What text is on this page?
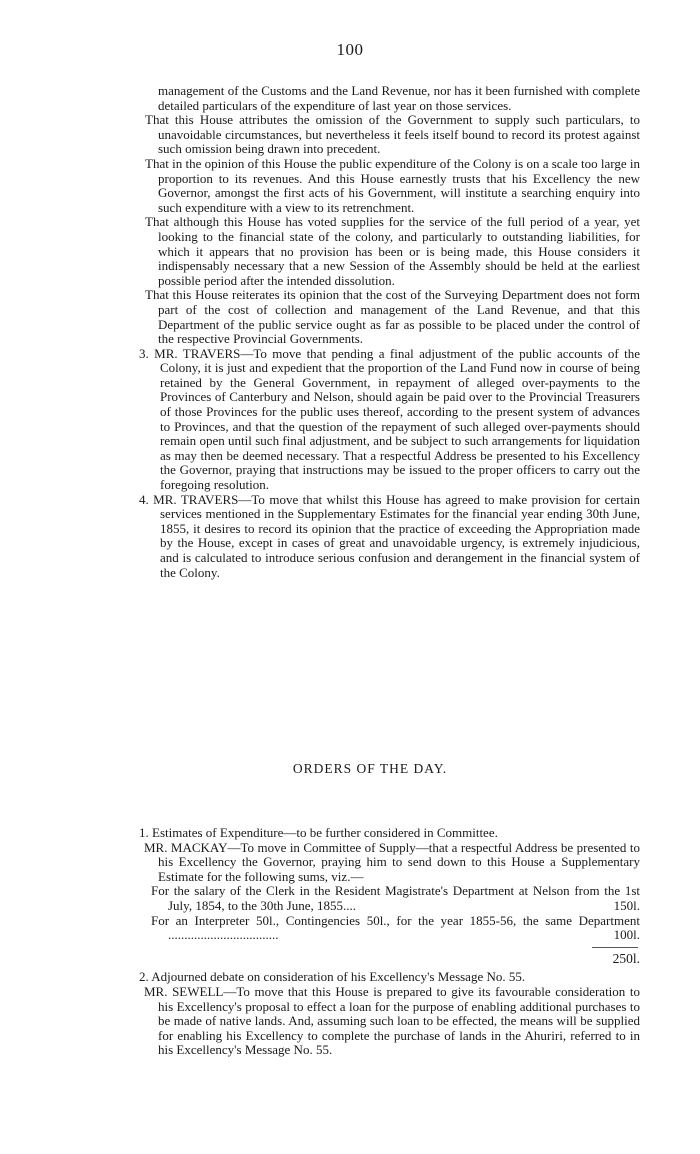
100

management of the Customs and the Land Revenue, nor has it been furnished with complete detailed particulars of the expenditure of last year on those services.

That this House attributes the omission of the Government to supply such particulars, to unavoidable circumstances, but nevertheless it feels itself bound to record its protest against such omission being drawn into precedent.

That in the opinion of this House the public expenditure of the Colony is on a scale too large in proportion to its revenues. And this House earnestly trusts that his Excellency the new Governor, amongst the first acts of his Government, will institute a searching enquiry into such expenditure with a view to its retrenchment.

That although this House has voted supplies for the service of the full period of a year, yet looking to the financial state of the colony, and particularly to outstanding liabilities, for which it appears that no provision has been or is being made, this House considers it indispensably necessary that a new Session of the Assembly should be held at the earliest possible period after the intended dissolution.

That this House reiterates its opinion that the cost of the Surveying Department does not form part of the cost of collection and management of the Land Revenue, and that this Department of the public service ought as far as possible to be placed under the control of the respective Provincial Governments.

3. MR. TRAVERS—To move that pending a final adjustment of the public accounts of the Colony, it is just and expedient that the proportion of the Land Fund now in course of being retained by the General Government, in repayment of alleged over-payments to the Provinces of Canterbury and Nelson, should again be paid over to the Provincial Treasurers of those Provinces for the public uses thereof, according to the present system of advances to Provinces, and that the question of the repayment of such alleged over-payments should remain open until such final adjustment, and be subject to such arrangements for liquidation as may then be deemed necessary. That a respectful Address be presented to his Excellency the Governor, praying that instructions may be issued to the proper officers to carry out the foregoing resolution.

4. MR. TRAVERS—To move that whilst this House has agreed to make provision for certain services mentioned in the Supplementary Estimates for the financial year ending 30th June, 1855, it desires to record its opinion that the practice of exceeding the Appropriation made by the House, except in cases of great and unavoidable urgency, is extremely injudicious, and is calculated to introduce serious confusion and derangement in the financial system of the Colony.

ORDERS OF THE DAY.

1. Estimates of Expenditure—to be further considered in Committee.

MR. MACKAY—To move in Committee of Supply—that a respectful Address be presented to his Excellency the Governor, praying him to send down to this House a Supplementary Estimate for the following sums, viz.—

For the salary of the Clerk in the Resident Magistrate's Department at Nelson from the 1st July, 1854, to the 30th June, 1855....	150l.
For an Interpreter 50l., Contingencies 50l., for the year 1855-56, the same Department ..................................	100l.

250l.

2. Adjourned debate on consideration of his Excellency's Message No. 55.

MR. SEWELL—To move that this House is prepared to give its favourable consideration to his Excellency's proposal to effect a loan for the purpose of enabling additional purchases to be made of native lands. And, assuming such loan to be effected, the means will be supplied for enabling his Excellency to complete the purchase of lands in the Ahuriri, referred to in his Excellency's Message No. 55.
